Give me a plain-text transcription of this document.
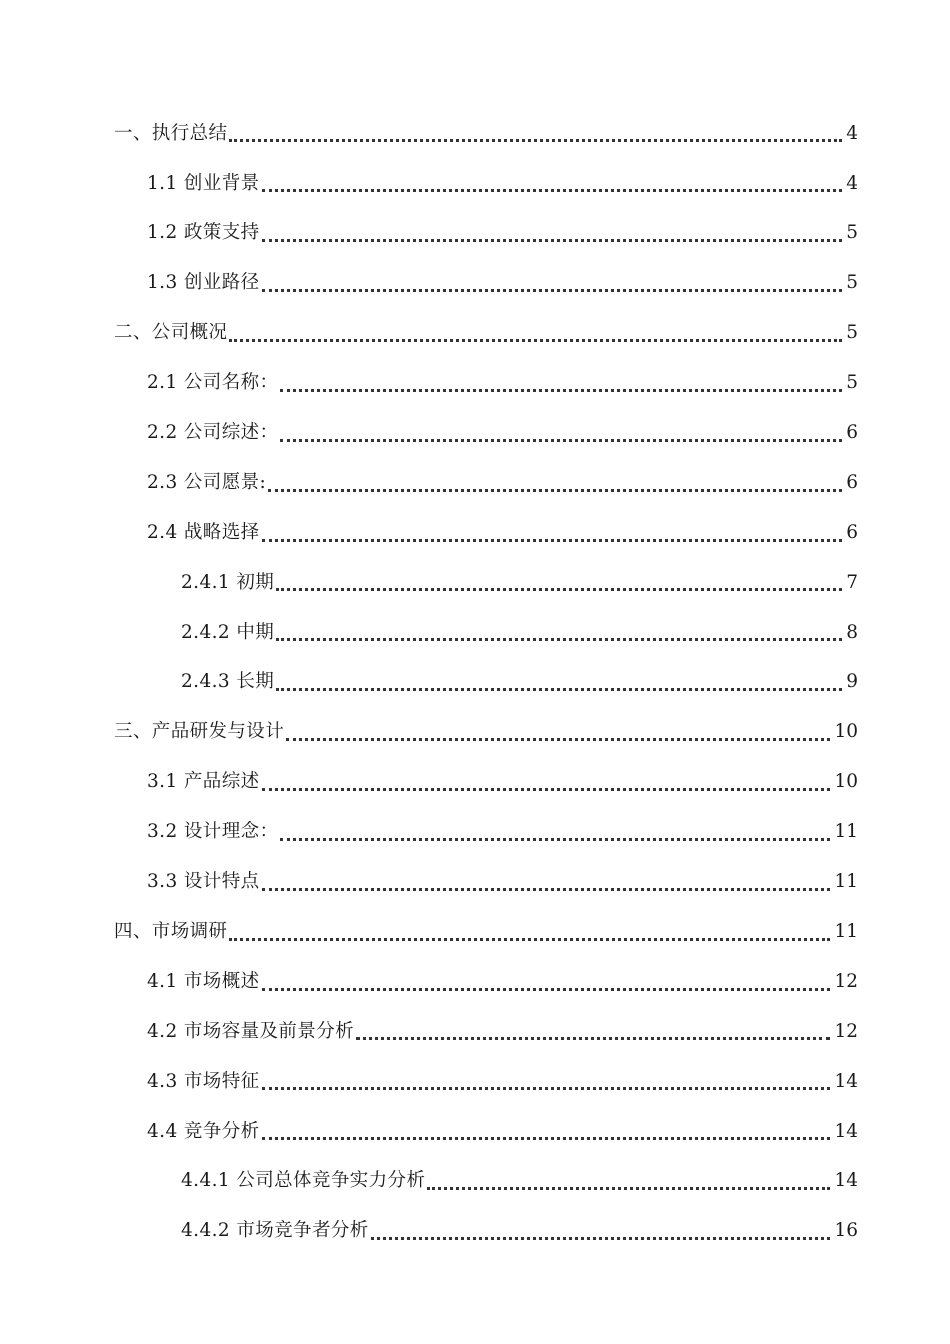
一、执行总结	4
1.1 创业背景	4
1.2 政策支持	5
1.3 创业路径	5
二、公司概况	5
2.1 公司名称：	5
2.2 公司综述：	6
2.3 公司愿景:	6
2.4 战略选择	6
2.4.1 初期	7
2.4.2 中期	8
2.4.3 长期	9
三、产品研发与设计	10
3.1 产品综述	10
3.2 设计理念：	11
3.3 设计特点	11
四、市场调研	11
4.1 市场概述	12
4.2 市场容量及前景分析	12
4.3 市场特征	14
4.4 竞争分析	14
4.4.1 公司总体竞争实力分析	14
4.4.2 市场竞争者分析	16
